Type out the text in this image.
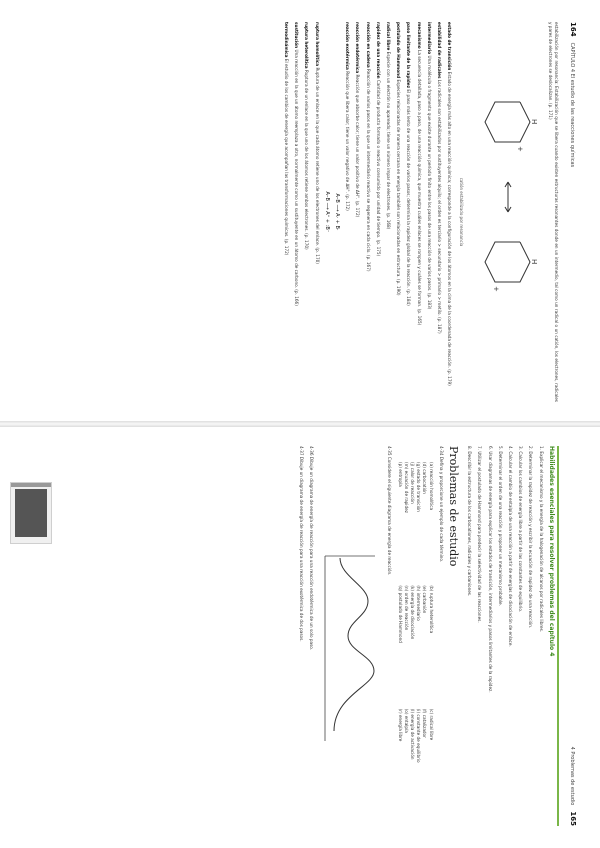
164
CAPÍTULO 4 El estudio de las reacciones químicas

estabilización por resonancia: Estabilización que se libera cuando existen estructuras resonantes donde en un intermedio, tal como un radical o un catión, los electrones, radicales y pares de electrones se deslocalizan. (p. 171)

H
H
+
+
catión estabilizado por resonancia

estado de transición Estado de energía más alto en una reacción química; corresponde a la configuración de los átomos en la cima de la coordenada de reacción. (p. 179)

estabilidad de radicales Los radicales son estabilizados por sustituyentes alquilo; el orden es terciario > secundario > primario > metilo. (p. 187)

intermediario Una molécula o fragmento que existe durante un período finito entre los pasos de una reacción de varios pasos. (p. 183)

mecanismo La secuencia detallada, paso a paso, de una reacción química, que muestra cuáles enlaces se rompen y cuáles se forman. (p. 165)

paso limitante de la rapidez El paso más lento de una reacción de varios pasos; determina la rapidez global de la reacción. (p. 184)

postulado de Hammond Especies relacionadas de manera cercana en energía también son relacionadas en estructura. (p. 190)

radical libre Especie con un electrón no apareado; tiene un número impar de electrones. (p. 168)

rapidez de una reacción Cantidad de producto formado o reactivo consumido por unidad de tiempo. (p. 175)

reacción en cadena Reacción de varios pasos en la que un intermediario reactivo se regenera en cada ciclo. (p. 167)

reacción endotérmica Reacción que absorbe calor; tiene un valor positivo de ΔH°. (p. 172)

reacción exotérmica Reacción que libera calor; tiene un valor negativo de ΔH°. (p. 172)

A–B ⟶ A· + B·
A–B ⟶ A⁺ + :B⁻

ruptura homolítica Ruptura de un enlace en la que cada átomo retiene uno de los electrones del enlace. (p. 170)

ruptura heterolítica Ruptura de un enlace en la que uno de los átomos retiene ambos electrones. (p. 170)

sustitución Una reacción en la que un átomo reemplaza a otro, normalmente como un sustituyente en un átomo de carbono. (p. 166)

termodinámica El estudio de los cambios de energía que acompañan las transformaciones químicas. (p. 172)

4 Problemas de estudio
165
Habilidades esenciales para resolver problemas del capítulo 4

1. Explicar el mecanismo y la energía de la halogenación de alcanos por radicales libres.

2. Determinar la rapidez de reacción y escribir la ecuación de rapidez de una reacción.

3. Calcular los cambios de energía libre a partir de las constantes de equilibrio.

4. Calcular el cambio de entalpía de una reacción a partir de energías de disociación de enlace.

5. Determinar el orden de una reacción y proponer un mecanismo probable.

6. Usar diagramas de energía para explicar los estados de transición, intermediarios y pasos limitantes de la rapidez.

7. Utilizar el postulado de Hammond para predecir la selectividad de las reacciones.

8. Describir la estructura de los carbocationes, radicales y carbaniones.

Problemas de estudio

4-34 Defina y proporcione un ejemplo de cada término.

(a) reacción homolítica
(b) ruptura heterolítica
(c) radical libre
(d) carbocatión
(e) carbanión
(f) catalizador
(g) estado de transición
(h) intermediario
(i) constante de equilibrio
(j) calor de reacción
(k) energía de disociación
(l) energía de activación
(m) ecuación de rapidez
(n) orden de reacción
(o) entalpía
(p) entropía
(q) postulado de Hammond
(r) energía libre

4-35 Considere el siguiente diagrama de energía de reacción.

4-36 Dibuje un diagrama de energía de reacción para una reacción endotérmica de un solo paso.

4-37 Dibuje un diagrama de energía de reacción para una reacción exotérmica de dos pasos.
